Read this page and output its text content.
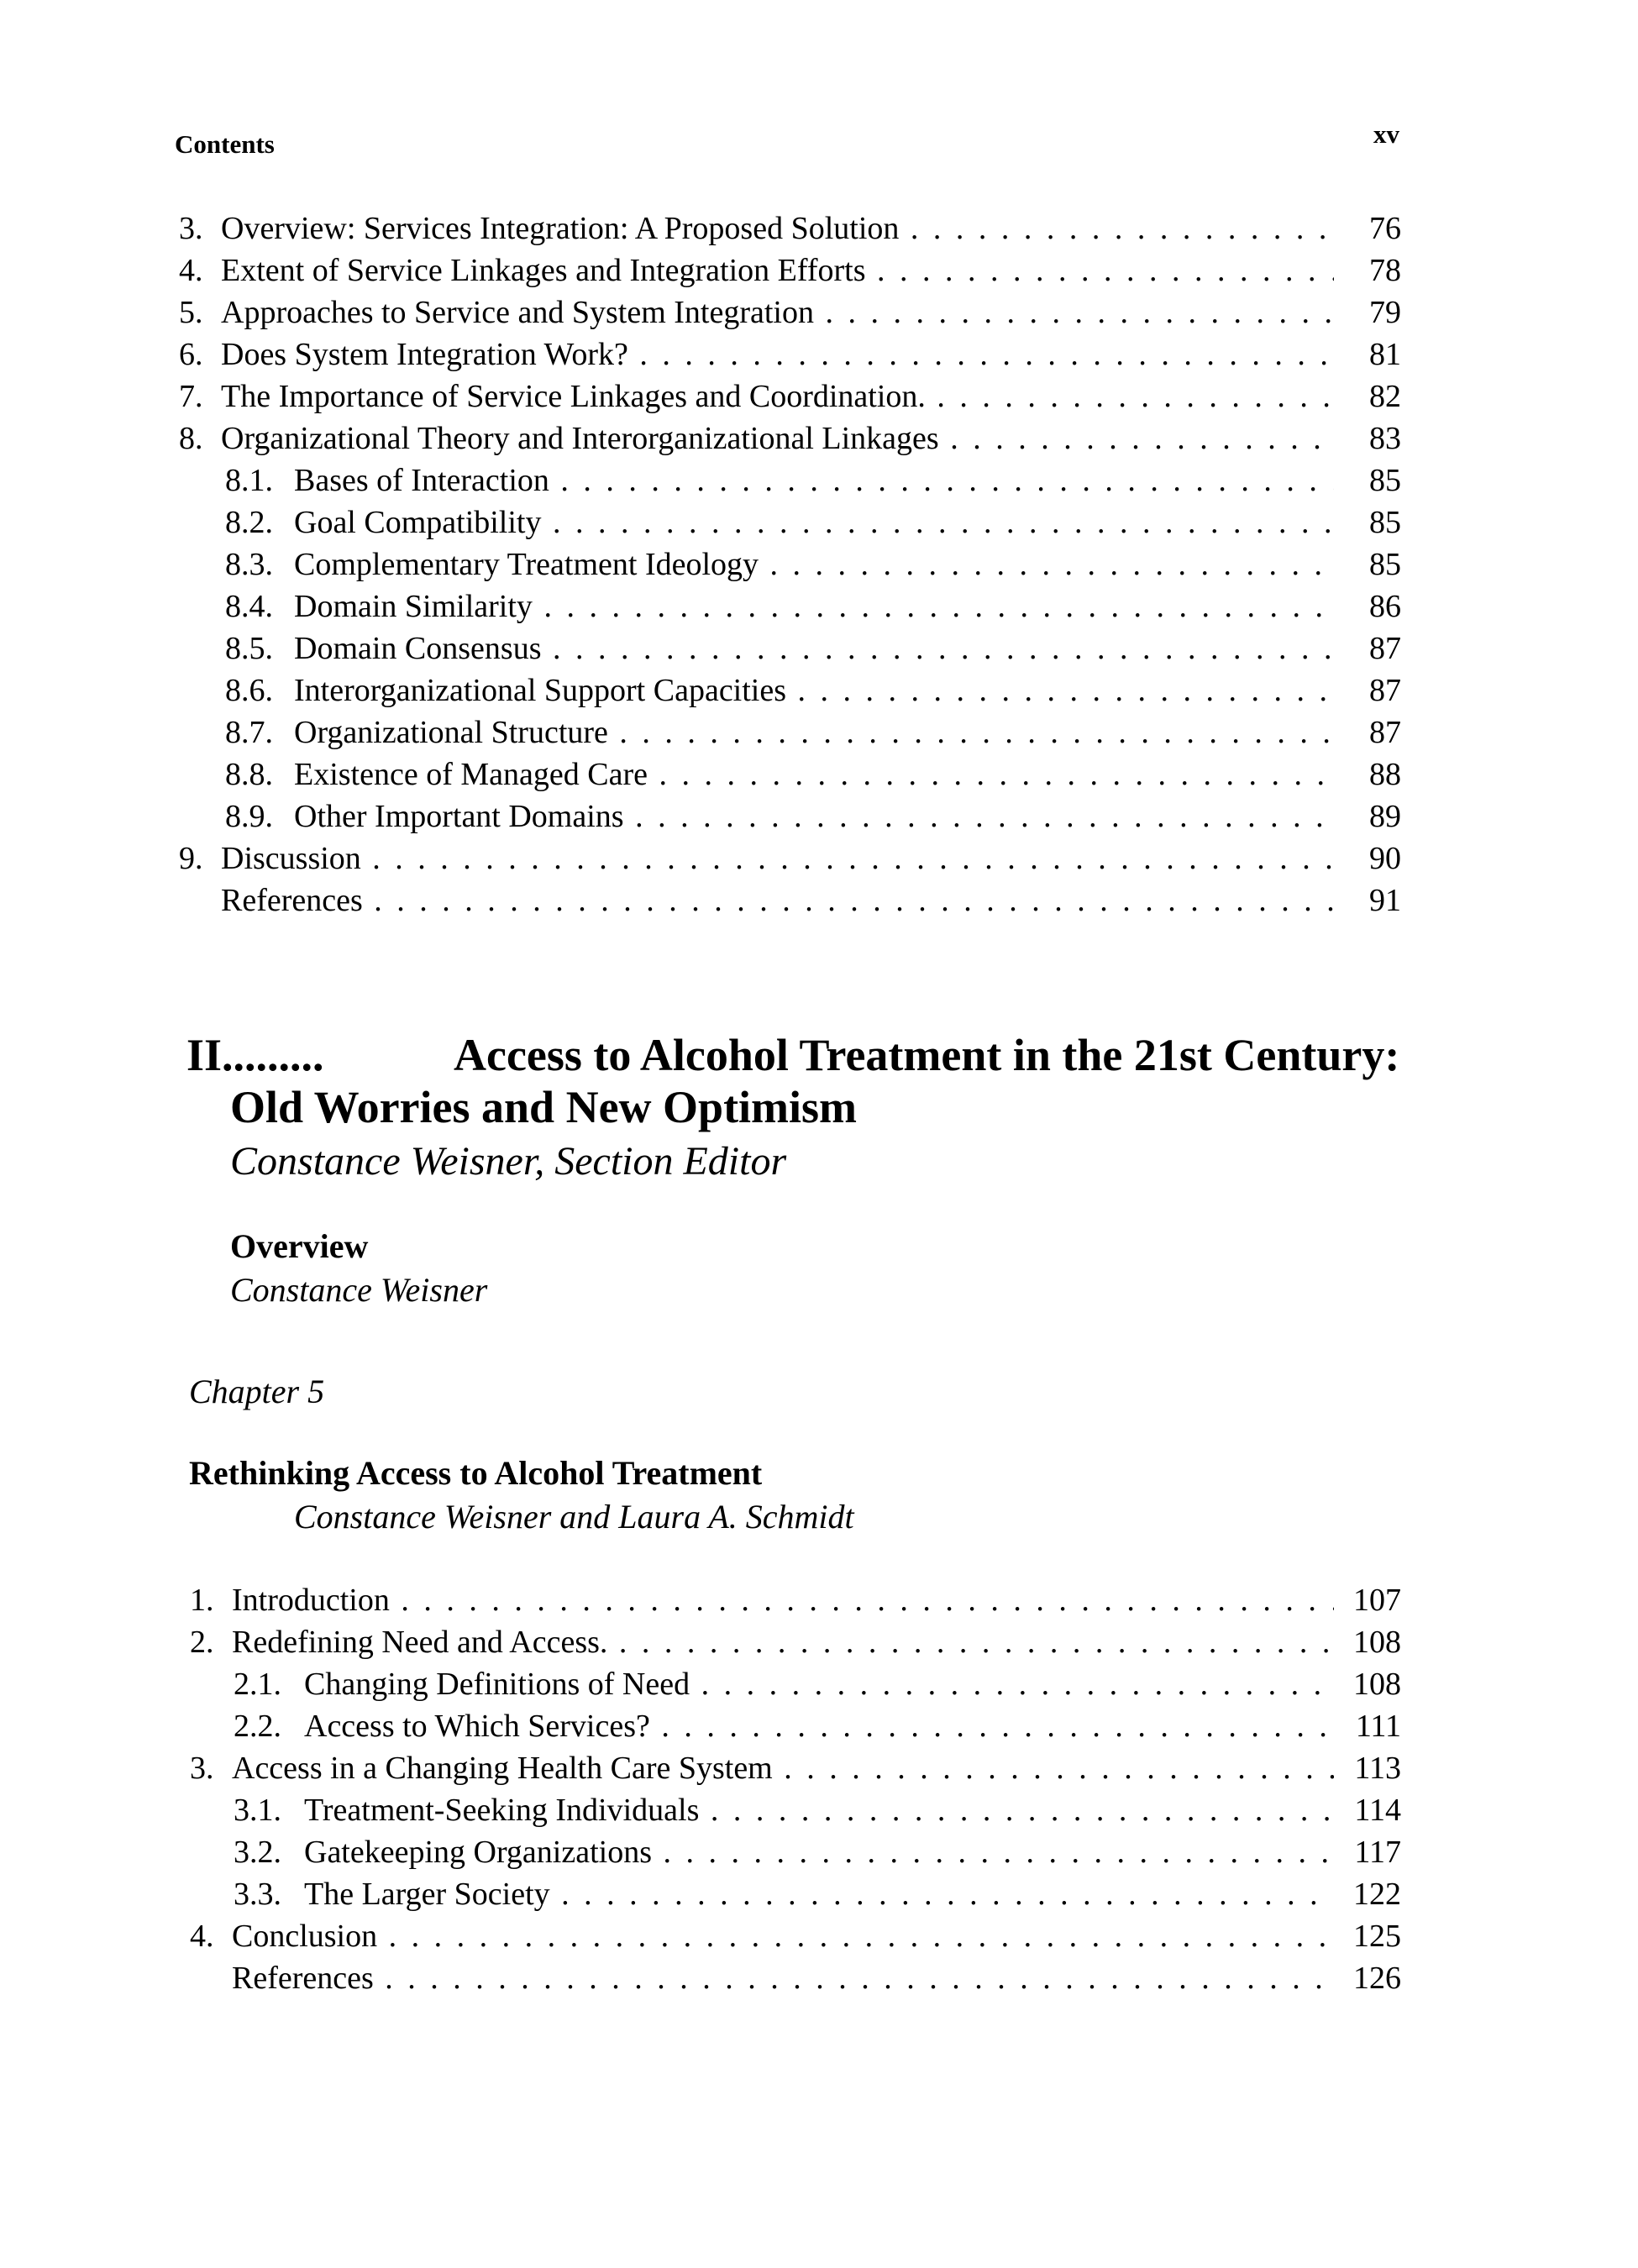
Contents	xv
3. Overview: Services Integration: A Proposed Solution . . .	76
4. Extent of Service Linkages and Integration Efforts . . .	78
5. Approaches to Service and System Integration . . .	79
6. Does System Integration Work? . . .	81
7. The Importance of Service Linkages and Coordination. . . .	82
8. Organizational Theory and Interorganizational Linkages . . .	83
8.1. Bases of Interaction . . .	85
8.2. Goal Compatibility . . .	85
8.3. Complementary Treatment Ideology . . .	85
8.4. Domain Similarity . . .	86
8.5. Domain Consensus . . .	87
8.6. Interorganizational Support Capacities . . .	87
8.7. Organizational Structure . . .	87
8.8. Existence of Managed Care . . .	88
8.9. Other Important Domains . . .	89
9. Discussion . . .	90
References . . .	91
II.........	Access to Alcohol Treatment in the 21st Century:
Old Worries and New Optimism
Constance Weisner, Section Editor
Overview
Constance Weisner
Chapter 5
Rethinking Access to Alcohol Treatment
Constance Weisner and Laura A. Schmidt
1. Introduction . . .	107
2. Redefining Need and Access. . . .	108
2.1. Changing Definitions of Need . . .	108
2.2. Access to Which Services? . . .	111
3. Access in a Changing Health Care System . . .	113
3.1. Treatment-Seeking Individuals . . .	114
3.2. Gatekeeping Organizations . . .	117
3.3. The Larger Society . . .	122
4. Conclusion . . .	125
References . . .	126
